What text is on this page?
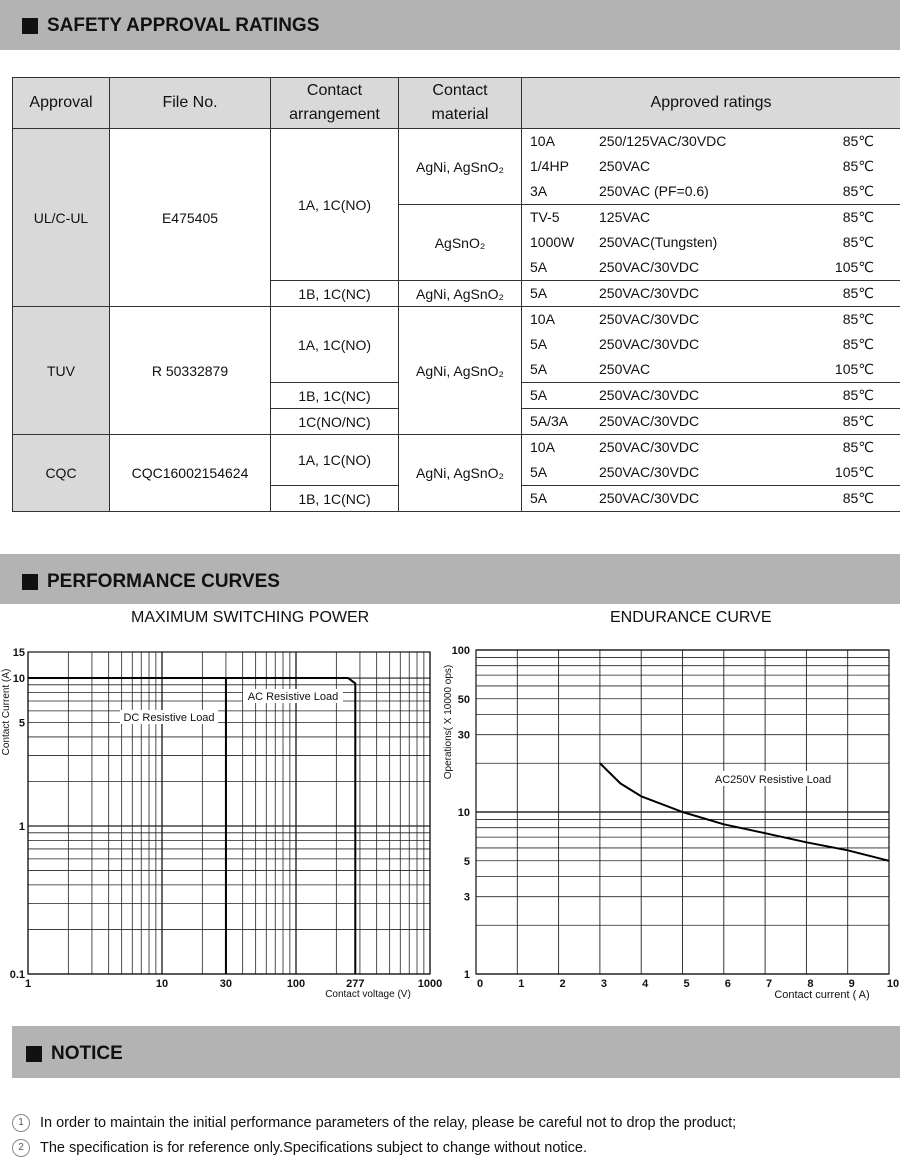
SAFETY APPROVAL RATINGS
Approval	File No.	Contact arrangement	Contact material	Approved ratings
UL/C-UL	E475405	1A, 1C(NO)	AgNi, AgSnO₂	10A 250/125VAC/30VDC 85℃

				1/4HP 250VAC 85℃

				3A 250VAC (PF=0.6) 85℃

			AgSnO₂	TV-5 125VAC 85℃

				1000W 250VAC(Tungsten) 85℃

				5A 250VAC/30VDC 105℃

		1B, 1C(NC)	AgNi, AgSnO₂	5A 250VAC/30VDC 85℃

TUV	R 50332879	1A, 1C(NO)	AgNi, AgSnO₂	10A 250VAC/30VDC 85℃

				5A 250VAC/30VDC 85℃

				5A 250VAC 105℃

		1B, 1C(NC)		5A 250VAC/30VDC 85℃

		1C(NO/NC)		5A/3A 250VAC/30VDC 85℃

CQC	CQC16002154624	1A, 1C(NO)	AgNi, AgSnO₂	10A 250VAC/30VDC 85℃

				5A 250VAC/30VDC 105℃

		1B, 1C(NC)		5A 250VAC/30VDC 85℃
PERFORMANCE CURVES
MAXIMUM SWITCHING POWER	ENDURANCE CURVE
1	10	30	100	277	1000
0.1
1
5
10
15
Contact voltage (V)
Contact Current (A)	DC Resistive Load
AC Resistive Load
0	1	2	3	4	5	6	7	8	9	10
1
3
5
10
30
50
100
Contact current ( A)
Operations( X 10000 ops)
AC250V Resistive Load
NOTICE
1 In order to maintain the initial performance parameters of the relay, please be careful not to drop the product;
2 The specification is for reference only.Specifications subject to change without notice.
